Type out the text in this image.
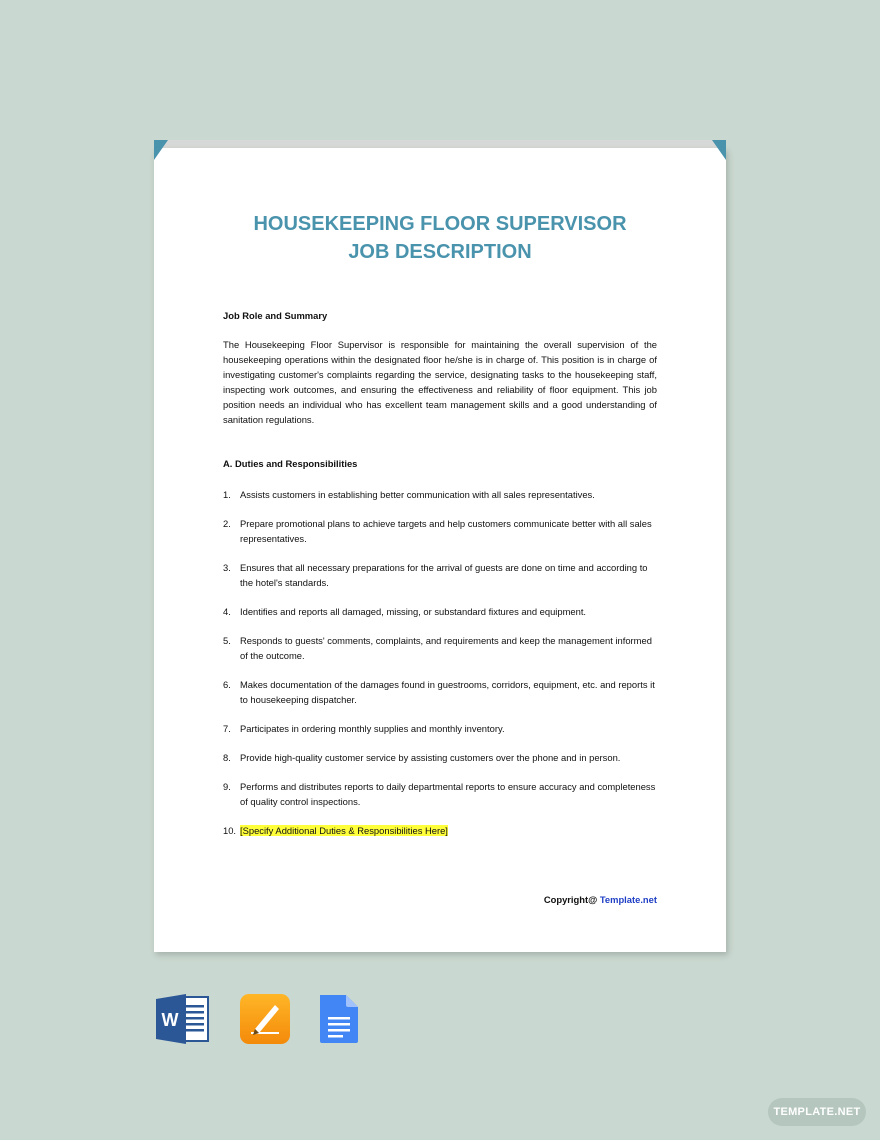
HOUSEKEEPING FLOOR SUPERVISOR
JOB DESCRIPTION

Job Role and Summary

The Housekeeping Floor Supervisor is responsible for maintaining the overall supervision of the housekeeping operations within the designated floor he/she is in charge of. This position is in charge of investigating customer's complaints regarding the service, designating tasks to the housekeeping staff, inspecting work outcomes, and ensuring the effectiveness and reliability of floor equipment. This job position needs an individual who has excellent team management skills and a good understanding of sanitation regulations.

A. Duties and Responsibilities

1. Assists customers in establishing better communication with all sales representatives.
2. Prepare promotional plans to achieve targets and help customers communicate better with all sales representatives.
3. Ensures that all necessary preparations for the arrival of guests are done on time and according to the hotel's standards.
4. Identifies and reports all damaged, missing, or substandard fixtures and equipment.
5. Responds to guests' comments, complaints, and requirements and keep the management informed of the outcome.
6. Makes documentation of the damages found in guestrooms, corridors, equipment, etc. and reports it to housekeeping dispatcher.
7. Participates in ordering monthly supplies and monthly inventory.
8. Provide high-quality customer service by assisting customers over the phone and in person.
9. Performs and distributes reports to daily departmental reports to ensure accuracy and completeness of quality control inspections.
10. [Specify Additional Duties & Responsibilities Here]
Copyright@ Template.net
W
TEMPLATE.NET
